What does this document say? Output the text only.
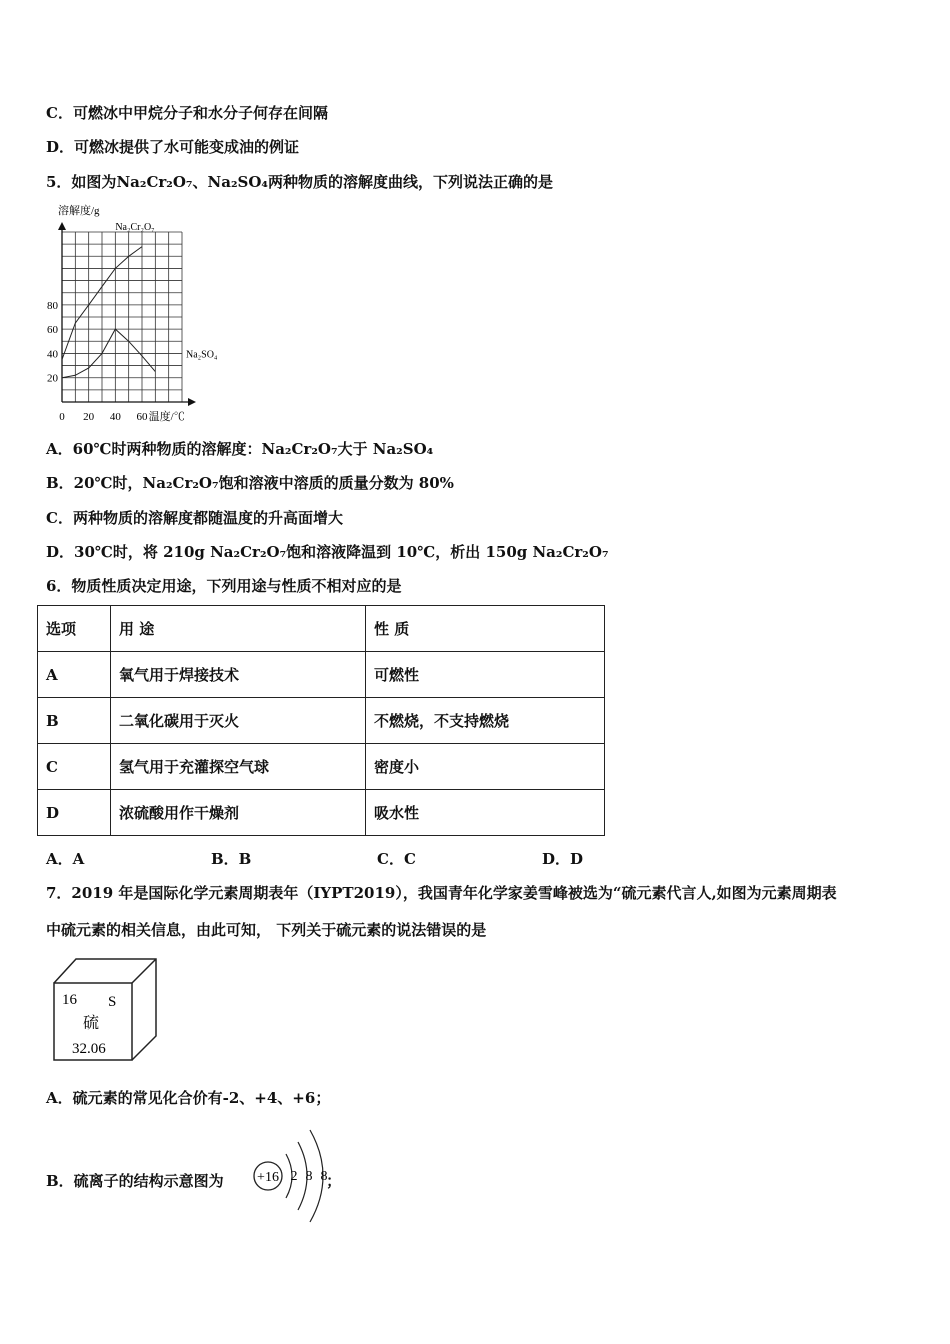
C．可燃冰中甲烷分子和水分子何存在间隔
D．可燃冰提供了水可能变成油的例证
5．如图为Na₂Cr₂O₇、Na₂SO₄两种物质的溶解度曲线，下列说法正确的是
20
40
60
80
0 20 40 60
溶解度/g
温度/℃
Na₂Cr₂O₇
Na₂SO₄
A．60℃时两种物质的溶解度：Na₂Cr₂O₇大于 Na₂SO₄
B．20℃时，Na₂Cr₂O₇饱和溶液中溶质的质量分数为 80%
C．两种物质的溶解度都随温度的升高面增大
D．30℃时，将 210g Na₂Cr₂O₇饱和溶液降温到 10℃，析出 150g Na₂Cr₂O₇
6．物质性质决定用途，下列用途与性质不相对应的是
选项	用 途	性 质
A	氧气用于焊接技术	可燃性
B	二氧化碳用于灭火	不燃烧，不支持燃烧
C	氢气用于充灌探空气球	密度小
D	浓硫酸用作干燥剂	吸水性
A．A	B．B	C．C	D．D
7．2019 年是国际化学元素周期表年（IYPT2019），我国青年化学家姜雪峰被选为“硫元素代言人,如图为元素周期表
中硫元素的相关信息，由此可知， 下列关于硫元素的说法错误的是
16 S
硫
32.06
A．硫元素的常见化合价有-2、+4、+6；
B．硫离子的结构示意图为	；
+16 2 8 8
